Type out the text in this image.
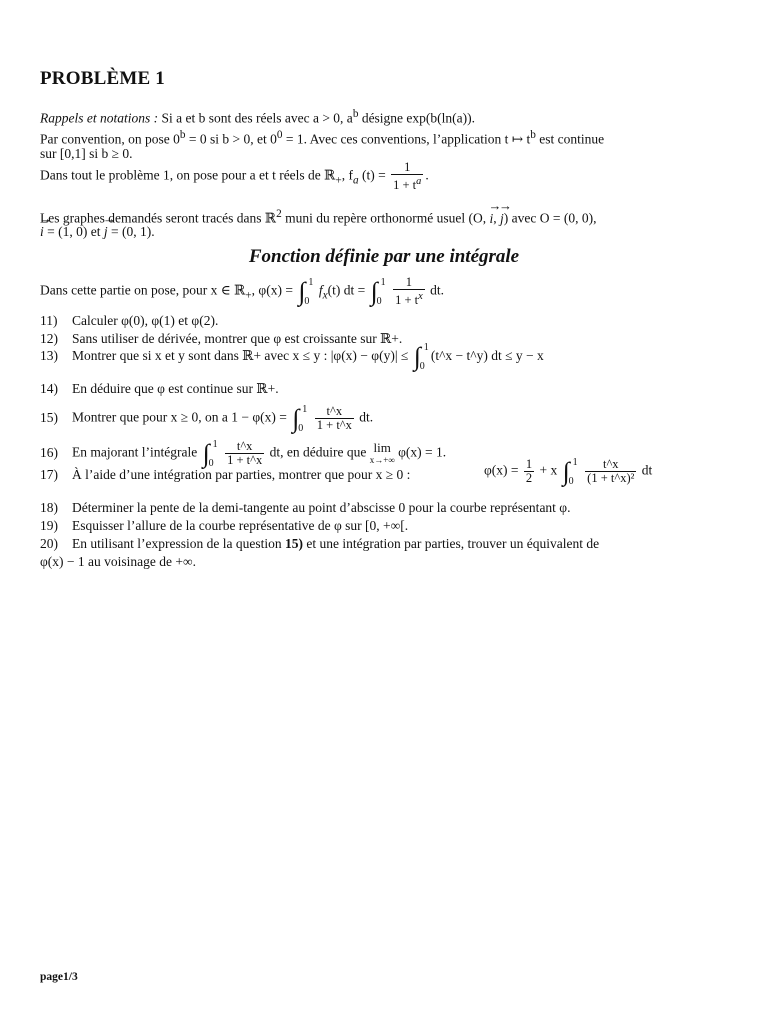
PROBLÈME 1
Rappels et notations : Si a et b sont des réels avec a > 0, $a^b$ désigne exp(b(ln(a)).
Par convention, on pose $0^b = 0$ si b > 0, et $0^0 = 1$. Avec ces conventions, l’application t ↦ $t^b$ est continue
sur [0,1] si b ≥ 0.
Dans tout le problème 1, on pose pour a et t réels de ℝ$_+$, $f_a$ $(t) = \frac{1}{1 + t^a}$ .
Les graphes demandés seront tracés dans ℝ$^2$ muni du repère orthonormé usuel (O, → i, → j) avec O = (0, 0),
→ i = (1, 0) et → j = (0, 1).
Fonction définie par une intégrale
Dans cette partie on pose, pour x ∈ ℝ$_+$, φ(x) = ∫ 1
0
$f_x(t)$ dt = ∫ 1
0
$\frac{1}{1 + t^x}$ dt.
11) Calculer φ(0), φ(1) et φ(2).
12) Sans utiliser de dérivée, montrer que φ est croissante sur ℝ+.
13) Montrer que si x et y sont dans ℝ+ avec x ≤ y : |φ(x) − φ(y)| ≤ ∫ 1
0
(t^x − t^y) dt ≤ y − x
14) En déduire que φ est continue sur ℝ+.
15) Montrer que pour x ≥ 0, on a 1 − φ(x) = ∫ 1
0
$\frac{t\^{}x}{1 + t\^{}x}$ dt.
16) En majorant l’intégrale ∫ 1
0
$\frac{t\^{}x}{1 + t\^{}x}$ dt, en déduire que lim
x→+∞ φ(x) = 1.
17) À l’aide d’une intégration par parties, montrer que pour x ≥ 0 :	$\varphi(x) = \frac{1}{2} + x$ ∫ 1
0
$\frac{t\^{}x}{\text{(1 + t\textasciicircum{}x)²}}$ dt
18) Déterminer la pente de la demi-tangente au point d’abscisse 0 pour la courbe représentant φ.
19) Esquisser l’allure de la courbe représentative de φ sur [0, +∞[.
20) En utilisant l’expression de la question 15) et une intégration par parties, trouver un équivalent de
φ(x) − 1 au voisinage de +∞.
page1/3
